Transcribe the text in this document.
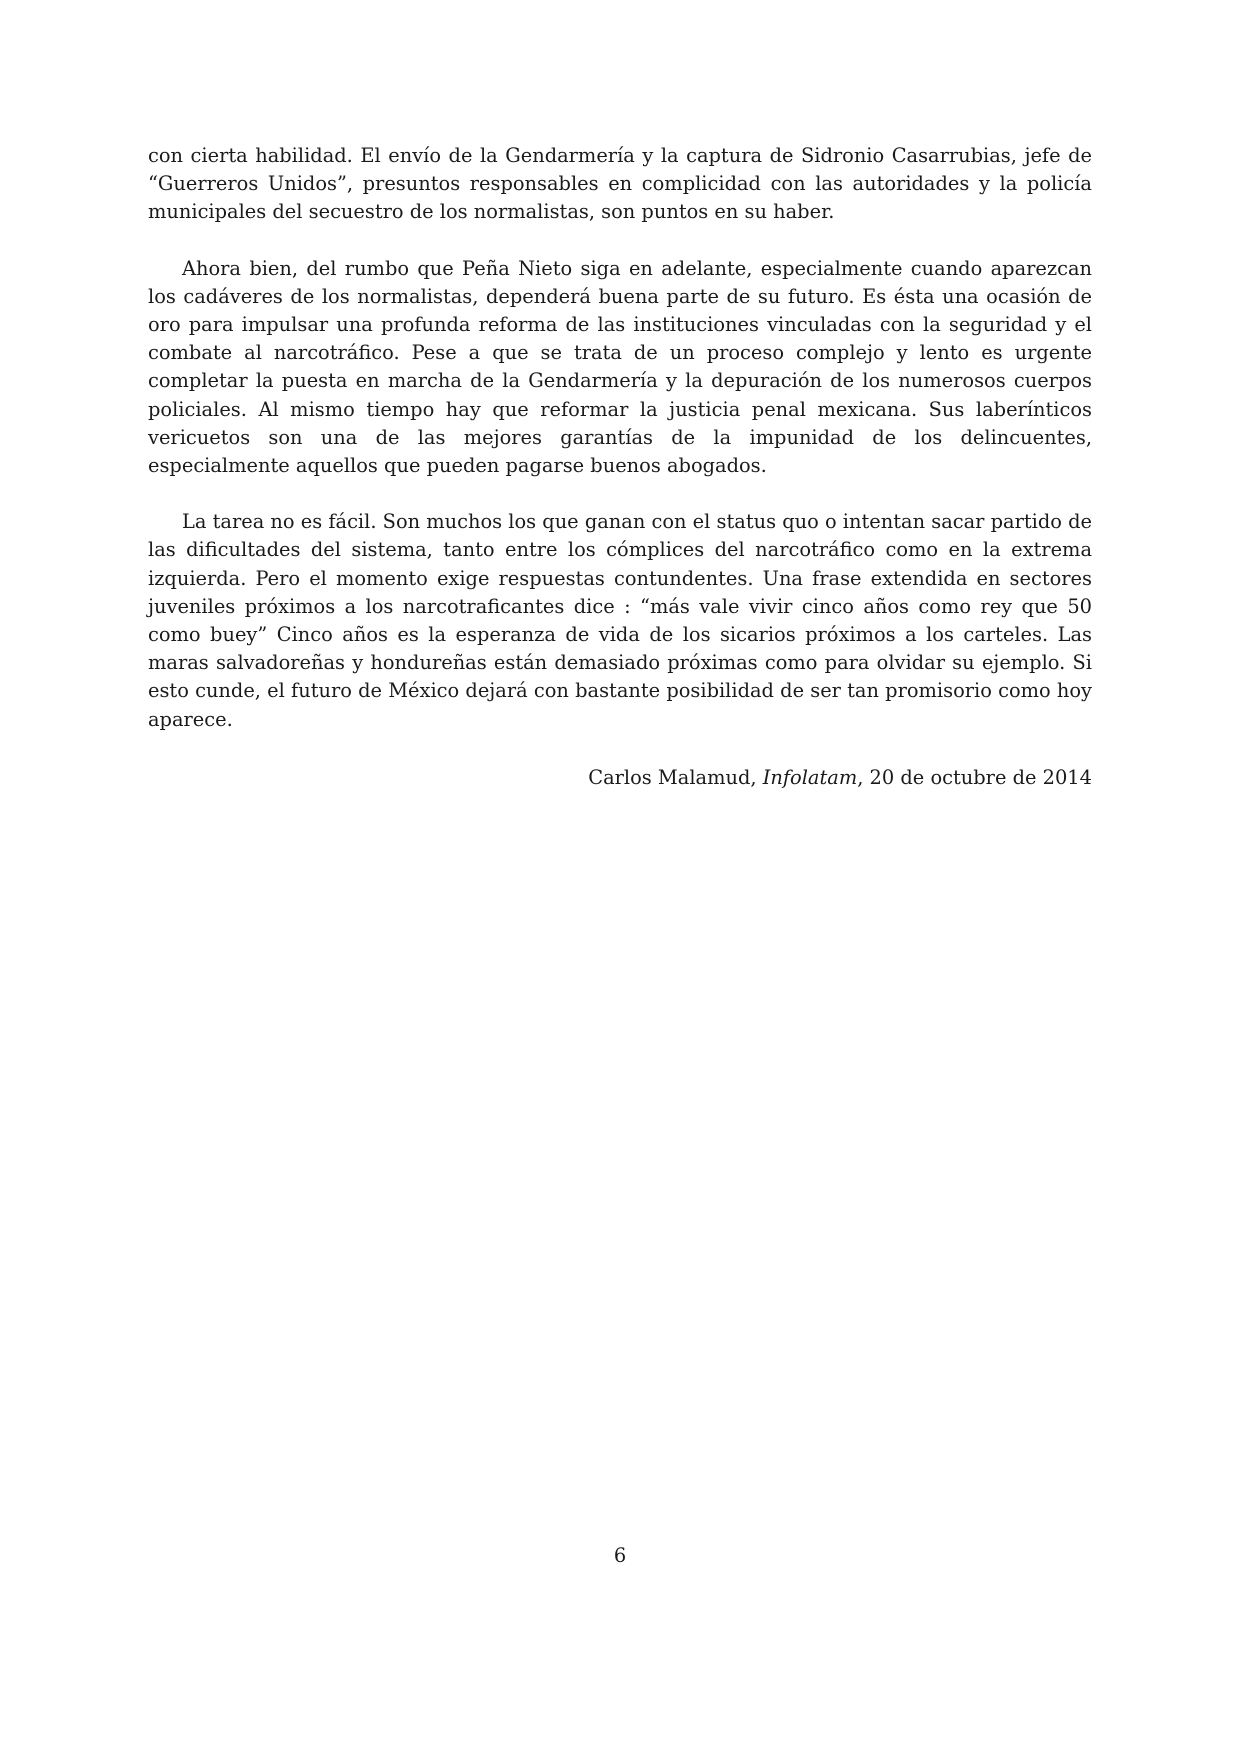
con cierta habilidad. El envío de la Gendarmería y la captura de Sidronio Casarrubias, jefe de “Guerreros Unidos”, presuntos responsables en complicidad con las autoridades y la policía municipales del secuestro de los normalistas, son puntos en su haber.

Ahora bien, del rumbo que Peña Nieto siga en adelante, especialmente cuando aparezcan los cadáveres de los normalistas, dependerá buena parte de su futuro. Es ésta una ocasión de oro para impulsar una profunda reforma de las instituciones vinculadas con la seguridad y el combate al narcotráfico. Pese a que se trata de un proceso complejo y lento es urgente completar la puesta en marcha de la Gendarmería y la depuración de los numerosos cuerpos policiales. Al mismo tiempo hay que reformar la justicia penal mexicana. Sus laberínticos vericuetos son una de las mejores garantías de la impunidad de los delincuentes, especialmente aquellos que pueden pagarse buenos abogados.

La tarea no es fácil. Son muchos los que ganan con el status quo o intentan sacar partido de las dificultades del sistema, tanto entre los cómplices del narcotráfico como en la extrema izquierda. Pero el momento exige respuestas contundentes. Una frase extendida en sectores juveniles próximos a los narcotraficantes dice : “más vale vivir cinco años como rey que 50 como buey” Cinco años es la esperanza de vida de los sicarios próximos a los carteles. Las maras salvadoreñas y hondureñas están demasiado próximas como para olvidar su ejemplo. Si esto cunde, el futuro de México dejará con bastante posibilidad de ser tan promisorio como hoy aparece.

Carlos Malamud, Infolatam, 20 de octubre de 2014
6
